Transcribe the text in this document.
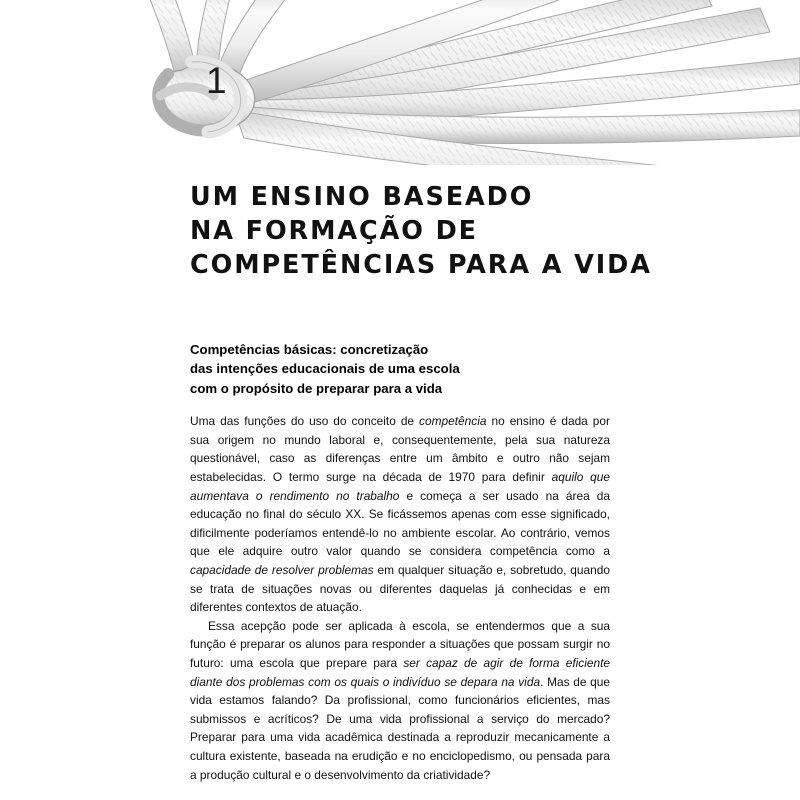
1
UM ENSINO BASEADO
NA FORMAÇÃO DE
COMPETÊNCIAS PARA A VIDA
Competências básicas: concretização
das intenções educacionais de uma escola
com o propósito de preparar para a vida

Uma das funções do uso do conceito de competência no ensino é dada por sua origem no mundo laboral e, consequentemente, pela sua natureza questionável, caso as diferenças entre um âmbito e outro não sejam estabelecidas. O termo surge na década de 1970 para definir aquilo que aumentava o rendimento no trabalho e começa a ser usado na área da educação no final do século XX. Se ficássemos apenas com esse significado, dificilmente poderíamos entendê-lo no ambiente escolar. Ao contrário, vemos que ele adquire outro valor quando se considera competência como a capacidade de resolver problemas em qualquer situação e, sobretudo, quando se trata de situações novas ou diferentes daquelas já conhecidas e em diferentes contextos de atuação.

Essa acepção pode ser aplicada à escola, se entendermos que a sua função é preparar os alunos para responder a situações que possam surgir no futuro: uma escola que prepare para ser capaz de agir de forma eficiente diante dos problemas com os quais o indivíduo se depara na vida. Mas de que vida estamos falando? Da profissional, como funcionários eficientes, mas submissos e acríticos? De uma vida profissional a serviço do mercado? Preparar para uma vida acadêmica destinada a reproduzir mecanicamente a cultura existente, baseada na erudição e no enciclopedismo, ou pensada para a produção cultural e o desenvolvimento da criatividade?
